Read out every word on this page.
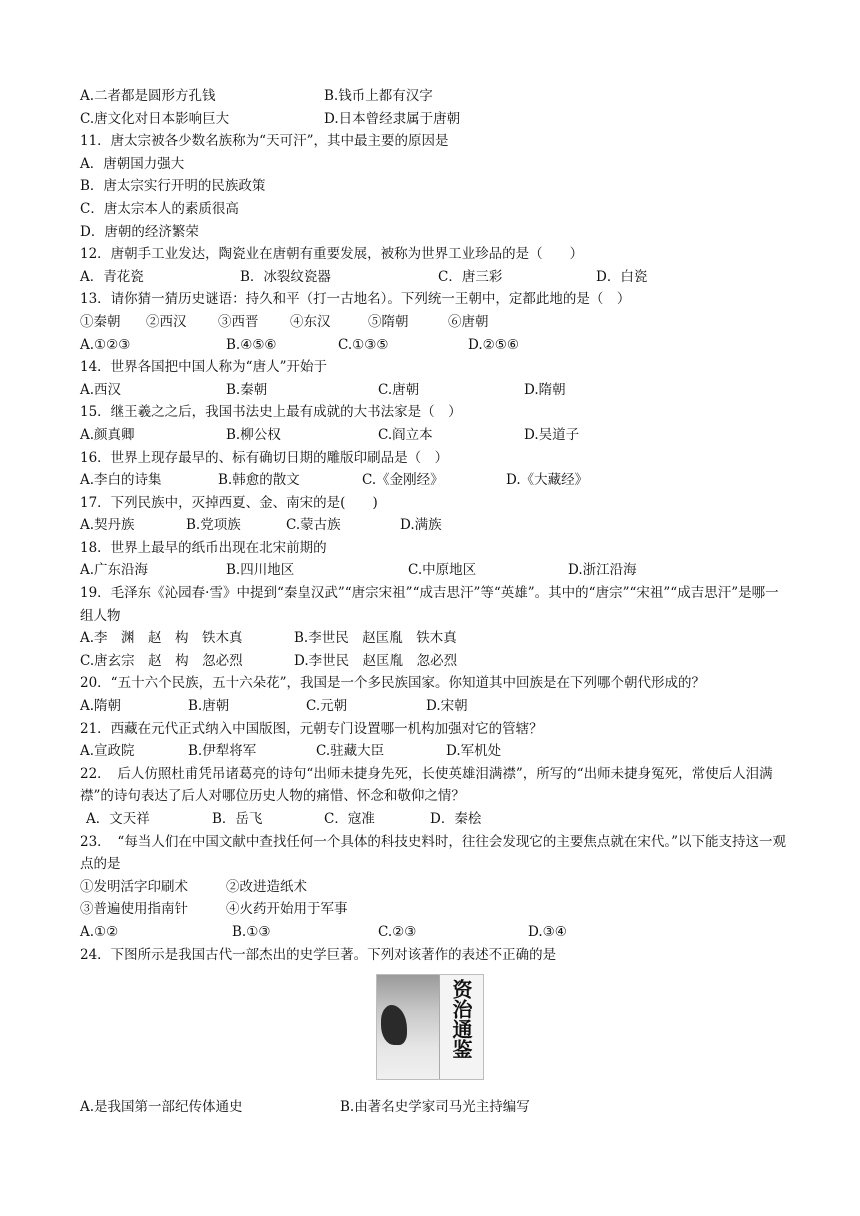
A.二者都是圆形方孔钱	B.钱币上都有汉字
C.唐文化对日本影响巨大	D.日本曾经隶属于唐朝
11．唐太宗被各少数名族称为“天可汗”，其中最主要的原因是
A．唐朝国力强大
B．唐太宗实行开明的民族政策
C．唐太宗本人的素质很高
D．唐朝的经济繁荣
12．唐朝手工业发达，陶瓷业在唐朝有重要发展，被称为世界工业珍品的是（　　）
A．青花瓷	B．冰裂纹瓷器	C．唐三彩	D．白瓷
13．请你猜一猜历史谜语：持久和平（打一古地名）。下列统一王朝中，定都此地的是（　）
①秦朝 ②西汉 ③西晋 ④东汉	⑤隋朝	⑥唐朝
A.①②③	B.④⑤⑥	C.①③⑤	D.②⑤⑥
14．世界各国把中国人称为“唐人”开始于
A.西汉	B.秦朝	C.唐朝	D.隋朝
15．继王羲之之后，我国书法史上最有成就的大书法家是（　）
A.颜真卿	B.柳公权	C.阎立本	D.吴道子
16．世界上现存最早的、标有确切日期的雕版印刷品是（　）
A.李白的诗集	B.韩愈的散文	C.《金刚经》	D.《大藏经》
17．下列民族中，灭掉西夏、金、南宋的是(　　)
A.契丹族	B.党项族	C.蒙古族	D.满族
18．世界上最早的纸币出现在北宋前期的
A.广东沿海	B.四川地区	C.中原地区	D.浙江沿海
19．毛泽东《沁园春·雪》中提到“秦皇汉武”“唐宗宋祖”“成吉思汗”等“英雄”。其中的“唐宗”“宋祖”“成吉思汗”是哪一组人物
A.李　渊　赵　构　铁木真	B.李世民　赵匡胤　铁木真
C.唐玄宗　赵　构　忽必烈	D.李世民　赵匡胤　忽必烈
20．“五十六个民族，五十六朵花”，我国是一个多民族国家。你知道其中回族是在下列哪个朝代形成的？
A.隋朝	B.唐朝	C.元朝	D.宋朝
21．西藏在元代正式纳入中国版图，元朝专门设置哪一机构加强对它的管辖？
A.宣政院	B.伊犁将军	C.驻藏大臣	D.军机处
22．　后人仿照杜甫凭吊诸葛亮的诗句“出师未捷身先死，长使英雄泪满襟”，所写的“出师未捷身冤死，常使后人泪满襟”的诗句表达了后人对哪位历史人物的痛惜、怀念和敬仰之情？
A．文天祥	B．岳飞	C．寇准	D．秦桧
23．　“每当人们在中国文献中查找任何一个具体的科技史料时，往往会发现它的主要焦点就在宋代。”以下能支持这一观点的是
①发明活字印刷术	②改进造纸术
③普遍使用指南针	④火药开始用于军事
A.①②	B.①③	C.②③	D.③④
24．下图所示是我国古代一部杰出的史学巨著。下列对该著作的表述不正确的是
资治通鉴
A.是我国第一部纪传体通史	B.由著名史学家司马光主持编写
